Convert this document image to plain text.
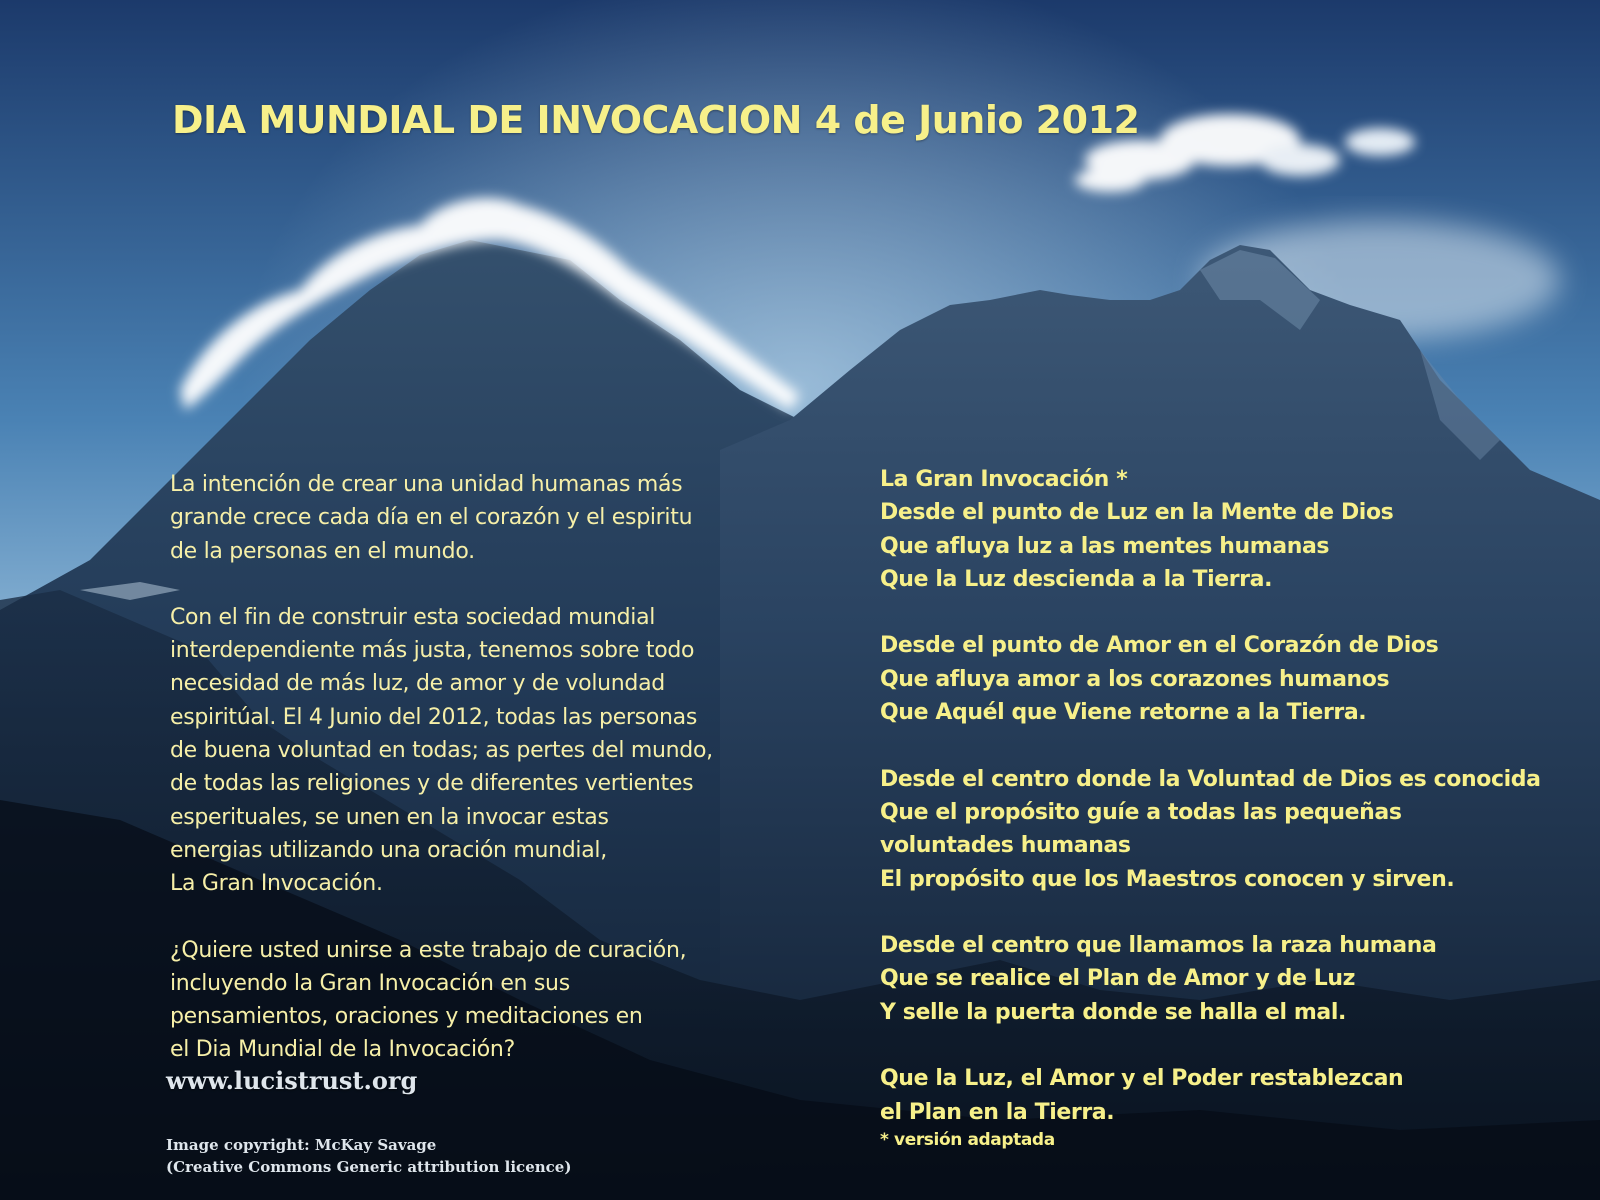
DIA MUNDIAL DE INVOCACION 4 de Junio 2012

La intención de crear una unidad humanas más
grande crece cada día en el corazón y el espiritu
de la personas en el mundo.

Con el fin de construir esta sociedad mundial
interdependiente más justa, tenemos sobre todo
necesidad de más luz, de amor y de volundad
espiritúal. El 4 Junio del 2012, todas las personas
de buena voluntad en todas; as pertes del mundo,
de todas las religiones y de diferentes vertientes
esperituales, se unen en la invocar estas
energias utilizando una oración mundial,
La Gran Invocación.

¿Quiere usted unirse a este trabajo de curación,
incluyendo la Gran Invocación en sus
pensamientos, oraciones y meditaciones en
el Dia Mundial de la Invocación?

www.lucistrust.org
Image copyright: McKay Savage
(Creative Commons Generic attribution licence)
La Gran Invocación *
Desde el punto de Luz en la Mente de Dios
Que afluya luz a las mentes humanas
Que la Luz descienda a la Tierra.
Desde el punto de Amor en el Corazón de Dios
Que afluya amor a los corazones humanos
Que Aquél que Viene retorne a la Tierra.
Desde el centro donde la Voluntad de Dios es conocida
Que el propósito guíe a todas las pequeñas
voluntades humanas
El propósito que los Maestros conocen y sirven.
Desde el centro que llamamos la raza humana
Que se realice el Plan de Amor y de Luz
Y selle la puerta donde se halla el mal.
Que la Luz, el Amor y el Poder restablezcan
el Plan en la Tierra.
* versión adaptada
